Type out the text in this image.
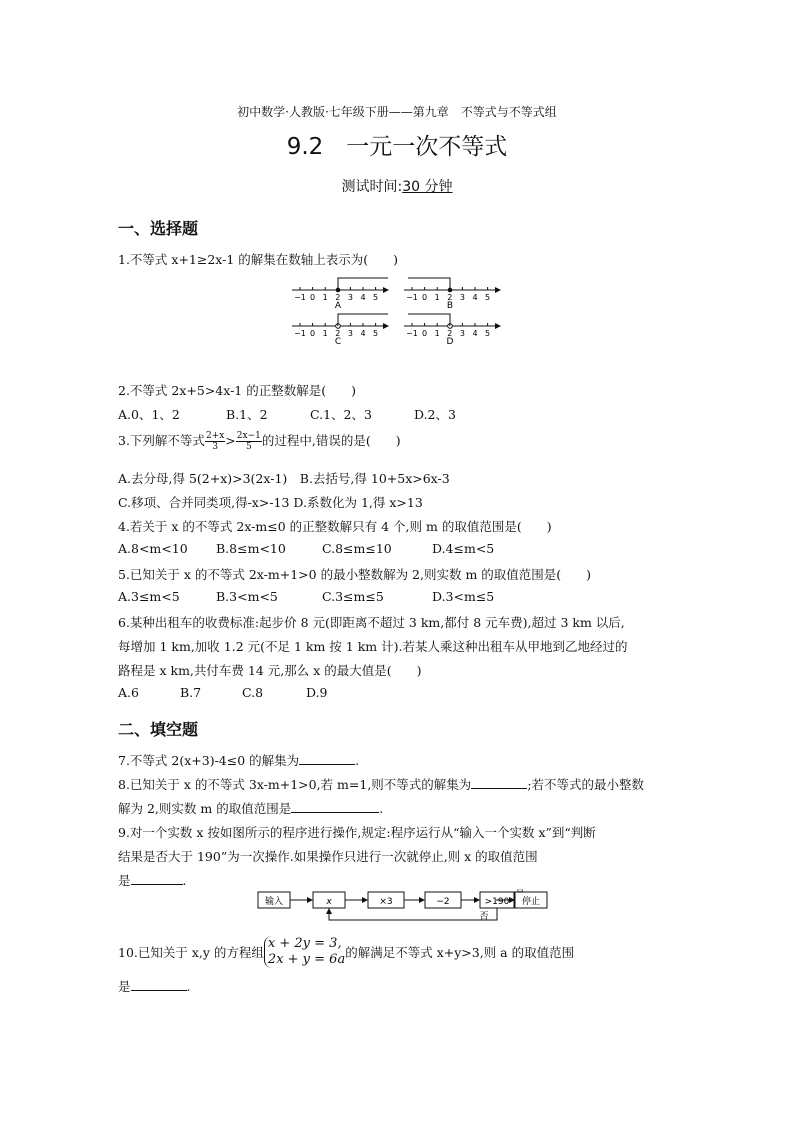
初中数学·人教版·七年级下册——第九章　不等式与不等式组
9.2　一元一次不等式
测试时间:30 分钟
一、选择题
1.不等式 x+1≥2x-1 的解集在数轴上表示为(　　)
A	B
C	D
−1 0 1 2 3 4 5	−1 0 1 2 3 4 5
−1 0 1 2 3 4 5	−1 0 1 2 3 4 5
2.不等式 2x+5>4x-1 的正整数解是(　　)
A.0、1、2	B.1、2	C.1、2、3	D.2、3
3.下列解不等式 $\frac{2+x}{3} > \frac{2x-1}{5}$ 的过程中,错误的是(　　)
A.去分母,得 5(2+x)>3(2x-1)　B.去括号,得 10+5x>6x-3
C.移项、合并同类项,得-x>-13 D.系数化为 1,得 x>13
4.若关于 x 的不等式 2x-m≤0 的正整数解只有 4 个,则 m 的取值范围是(　　)
A.8<m<10 B.8≤m<10	C.8≤m≤10	D.4≤m<5
5.已知关于 x 的不等式 2x-m+1>0 的最小整数解为 2,则实数 m 的取值范围是(　　)
A.3≤m<5	B.3<m<5	C.3≤m≤5	D.3<m≤5
6.某种出租车的收费标准:起步价 8 元(即距离不超过 3 km,都付 8 元车费),超过 3 km 以后,
每增加 1 km,加收 1.2 元(不足 1 km 按 1 km 计).若某人乘这种出租车从甲地到乙地经过的
路程是 x km,共付车费 14 元,那么 x 的最大值是(　　)
A.6	B.7	C.8	D.9
二、填空题
7.不等式 2(x+3)-4≤0 的解集为	.
8.已知关于 x 的不等式 3x-m+1>0,若 m=1,则不等式的解集为	;若不等式的最小整数
解为 2,则实数 m 的取值范围是	.
9.对一个实数 x 按如图所示的程序进行操作,规定:程序运行从“输入一个实数 x”到“判断
结果是否大于 190”为一次操作.如果操作只进行一次就停止,则 x 的取值范围
是	.
输入	x	×3	−2	>190
否
停止
10.已知关于 x,y 的方程组
x + 2y = 3,
2x + y = 6a 的解满足不等式 x+y>3,则 a 的取值范围
是	.
